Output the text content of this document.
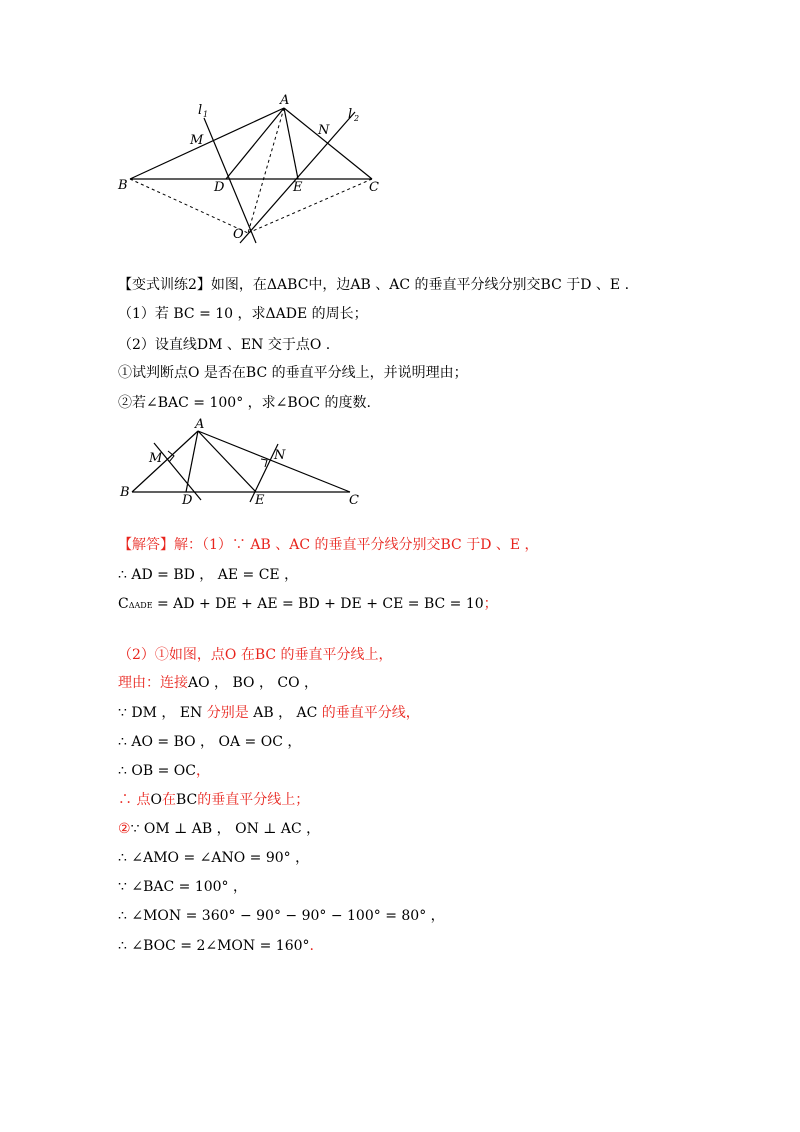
A
B	C
D	E
M
N
O
l 1	l 2
【变式训练2】如图，在ΔABC中，边AB 、AC 的垂直平分线分别交BC 于D 、E .
（1）若 BC = 10 ，求ΔADE 的周长；
（2）设直线DM 、EN 交于点O .
①试判断点O 是否在BC 的垂直平分线上，并说明理由；
②若∠BAC = 100° ，求∠BOC 的度数.
A
B
C
D	E
M	N
【解答】解：（1）∵ AB 、AC 的垂直平分线分别交BC 于D 、E ，
∴ AD = BD ， AE = CE ，
CΔADE = AD + DE + AE = BD + DE + CE = BC = 10；
（2）①如图，点O 在BC 的垂直平分线上，
理由：连接AO ， BO ， CO ，
∵ DM ， EN 分别是 AB ， AC 的垂直平分线，
∴ AO = BO ， OA = OC ，
∴ OB = OC，
∴ 点O在BC的垂直平分线上；
②∵ OM ⊥ AB ， ON ⊥ AC ，
∴ ∠AMO = ∠ANO = 90° ，
∵ ∠BAC = 100° ，
∴ ∠MON = 360° − 90° − 90° − 100° = 80° ，
∴ ∠BOC = 2∠MON = 160°.
